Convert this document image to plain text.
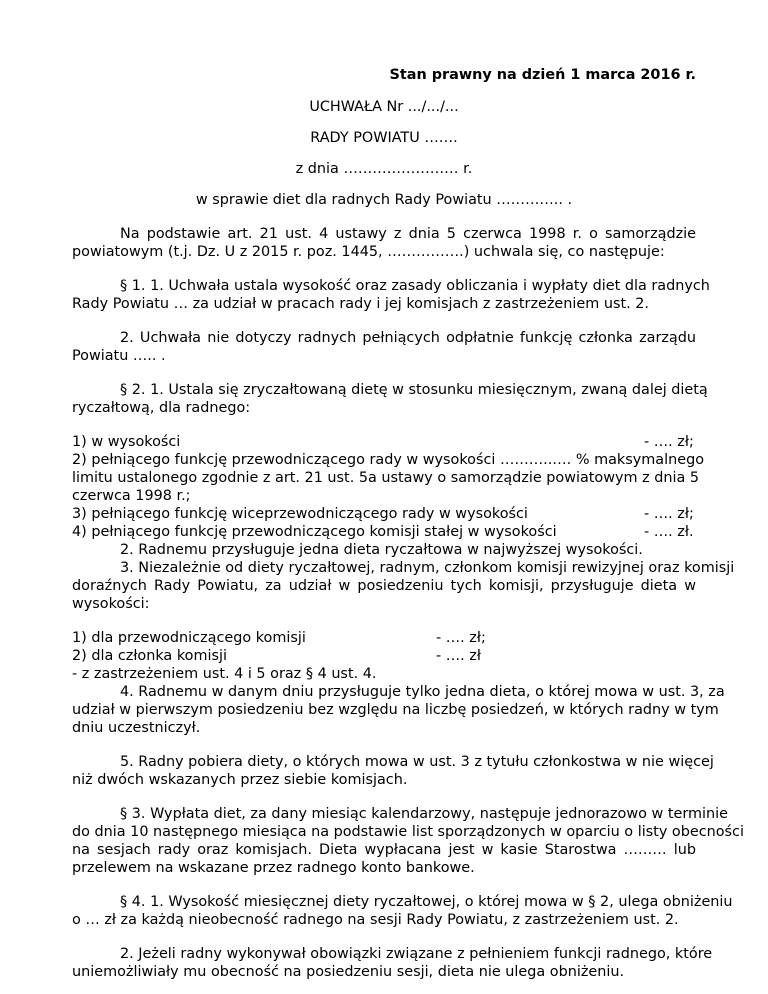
Stan prawny na dzień 1 marca 2016 r.
UCHWAŁA Nr .../.../...
RADY POWIATU …….
z dnia …………………… r.
w sprawie diet dla radnych Rady Powiatu ………….. .
Na podstawie art. 21 ust. 4 ustawy z dnia 5 czerwca 1998 r. o samorządzie
powiatowym (t.j. Dz. U z 2015 r. poz. 1445, …………….) uchwala się, co następuje:
§ 1. 1. Uchwała ustala wysokość oraz zasady obliczania i wypłaty diet dla radnych
Rady Powiatu … za udział w pracach rady i jej komisjach z zastrzeżeniem ust. 2.
2. Uchwała nie dotyczy radnych pełniących odpłatnie funkcję członka zarządu
Powiatu ….. .
§ 2. 1. Ustala się zryczałtowaną dietę w stosunku miesięcznym, zwaną dalej dietą
ryczałtową, dla radnego:
1) w wysokości	- …. zł;
2) pełniącego funkcję przewodniczącego rady w wysokości ………..…. % maksymalnego
limitu ustalonego zgodnie z art. 21 ust. 5a ustawy o samorządzie powiatowym z dnia 5
czerwca 1998 r.;
3) pełniącego funkcję wiceprzewodniczącego rady w wysokości	- …. zł;
4) pełniącego funkcję przewodniczącego komisji stałej w wysokości	- …. zł.
2. Radnemu przysługuje jedna dieta ryczałtowa w najwyższej wysokości.
3. Niezależnie od diety ryczałtowej, radnym, członkom komisji rewizyjnej oraz komisji
doraźnych Rady Powiatu, za udział w posiedzeniu tych komisji, przysługuje dieta w
wysokości:
1) dla przewodniczącego komisji	- …. zł;
2) dla członka komisji	- …. zł
- z zastrzeżeniem ust. 4 i 5 oraz § 4 ust. 4.
4. Radnemu w danym dniu przysługuje tylko jedna dieta, o której mowa w ust. 3, za
udział w pierwszym posiedzeniu bez względu na liczbę posiedzeń, w których radny w tym
dniu uczestniczył.
5. Radny pobiera diety, o których mowa w ust. 3 z tytułu członkostwa w nie więcej
niż dwóch wskazanych przez siebie komisjach.
§ 3. Wypłata diet, za dany miesiąc kalendarzowy, następuje jednorazowo w terminie
do dnia 10 następnego miesiąca na podstawie list sporządzonych w oparciu o listy obecności
na sesjach rady oraz komisjach. Dieta wypłacana jest w kasie Starostwa ……… lub
przelewem na wskazane przez radnego konto bankowe.
§ 4. 1. Wysokość miesięcznej diety ryczałtowej, o której mowa w § 2, ulega obniżeniu
o … zł za każdą nieobecność radnego na sesji Rady Powiatu, z zastrzeżeniem ust. 2.
2. Jeżeli radny wykonywał obowiązki związane z pełnieniem funkcji radnego, które
uniemożliwiały mu obecność na posiedzeniu sesji, dieta nie ulega obniżeniu.
